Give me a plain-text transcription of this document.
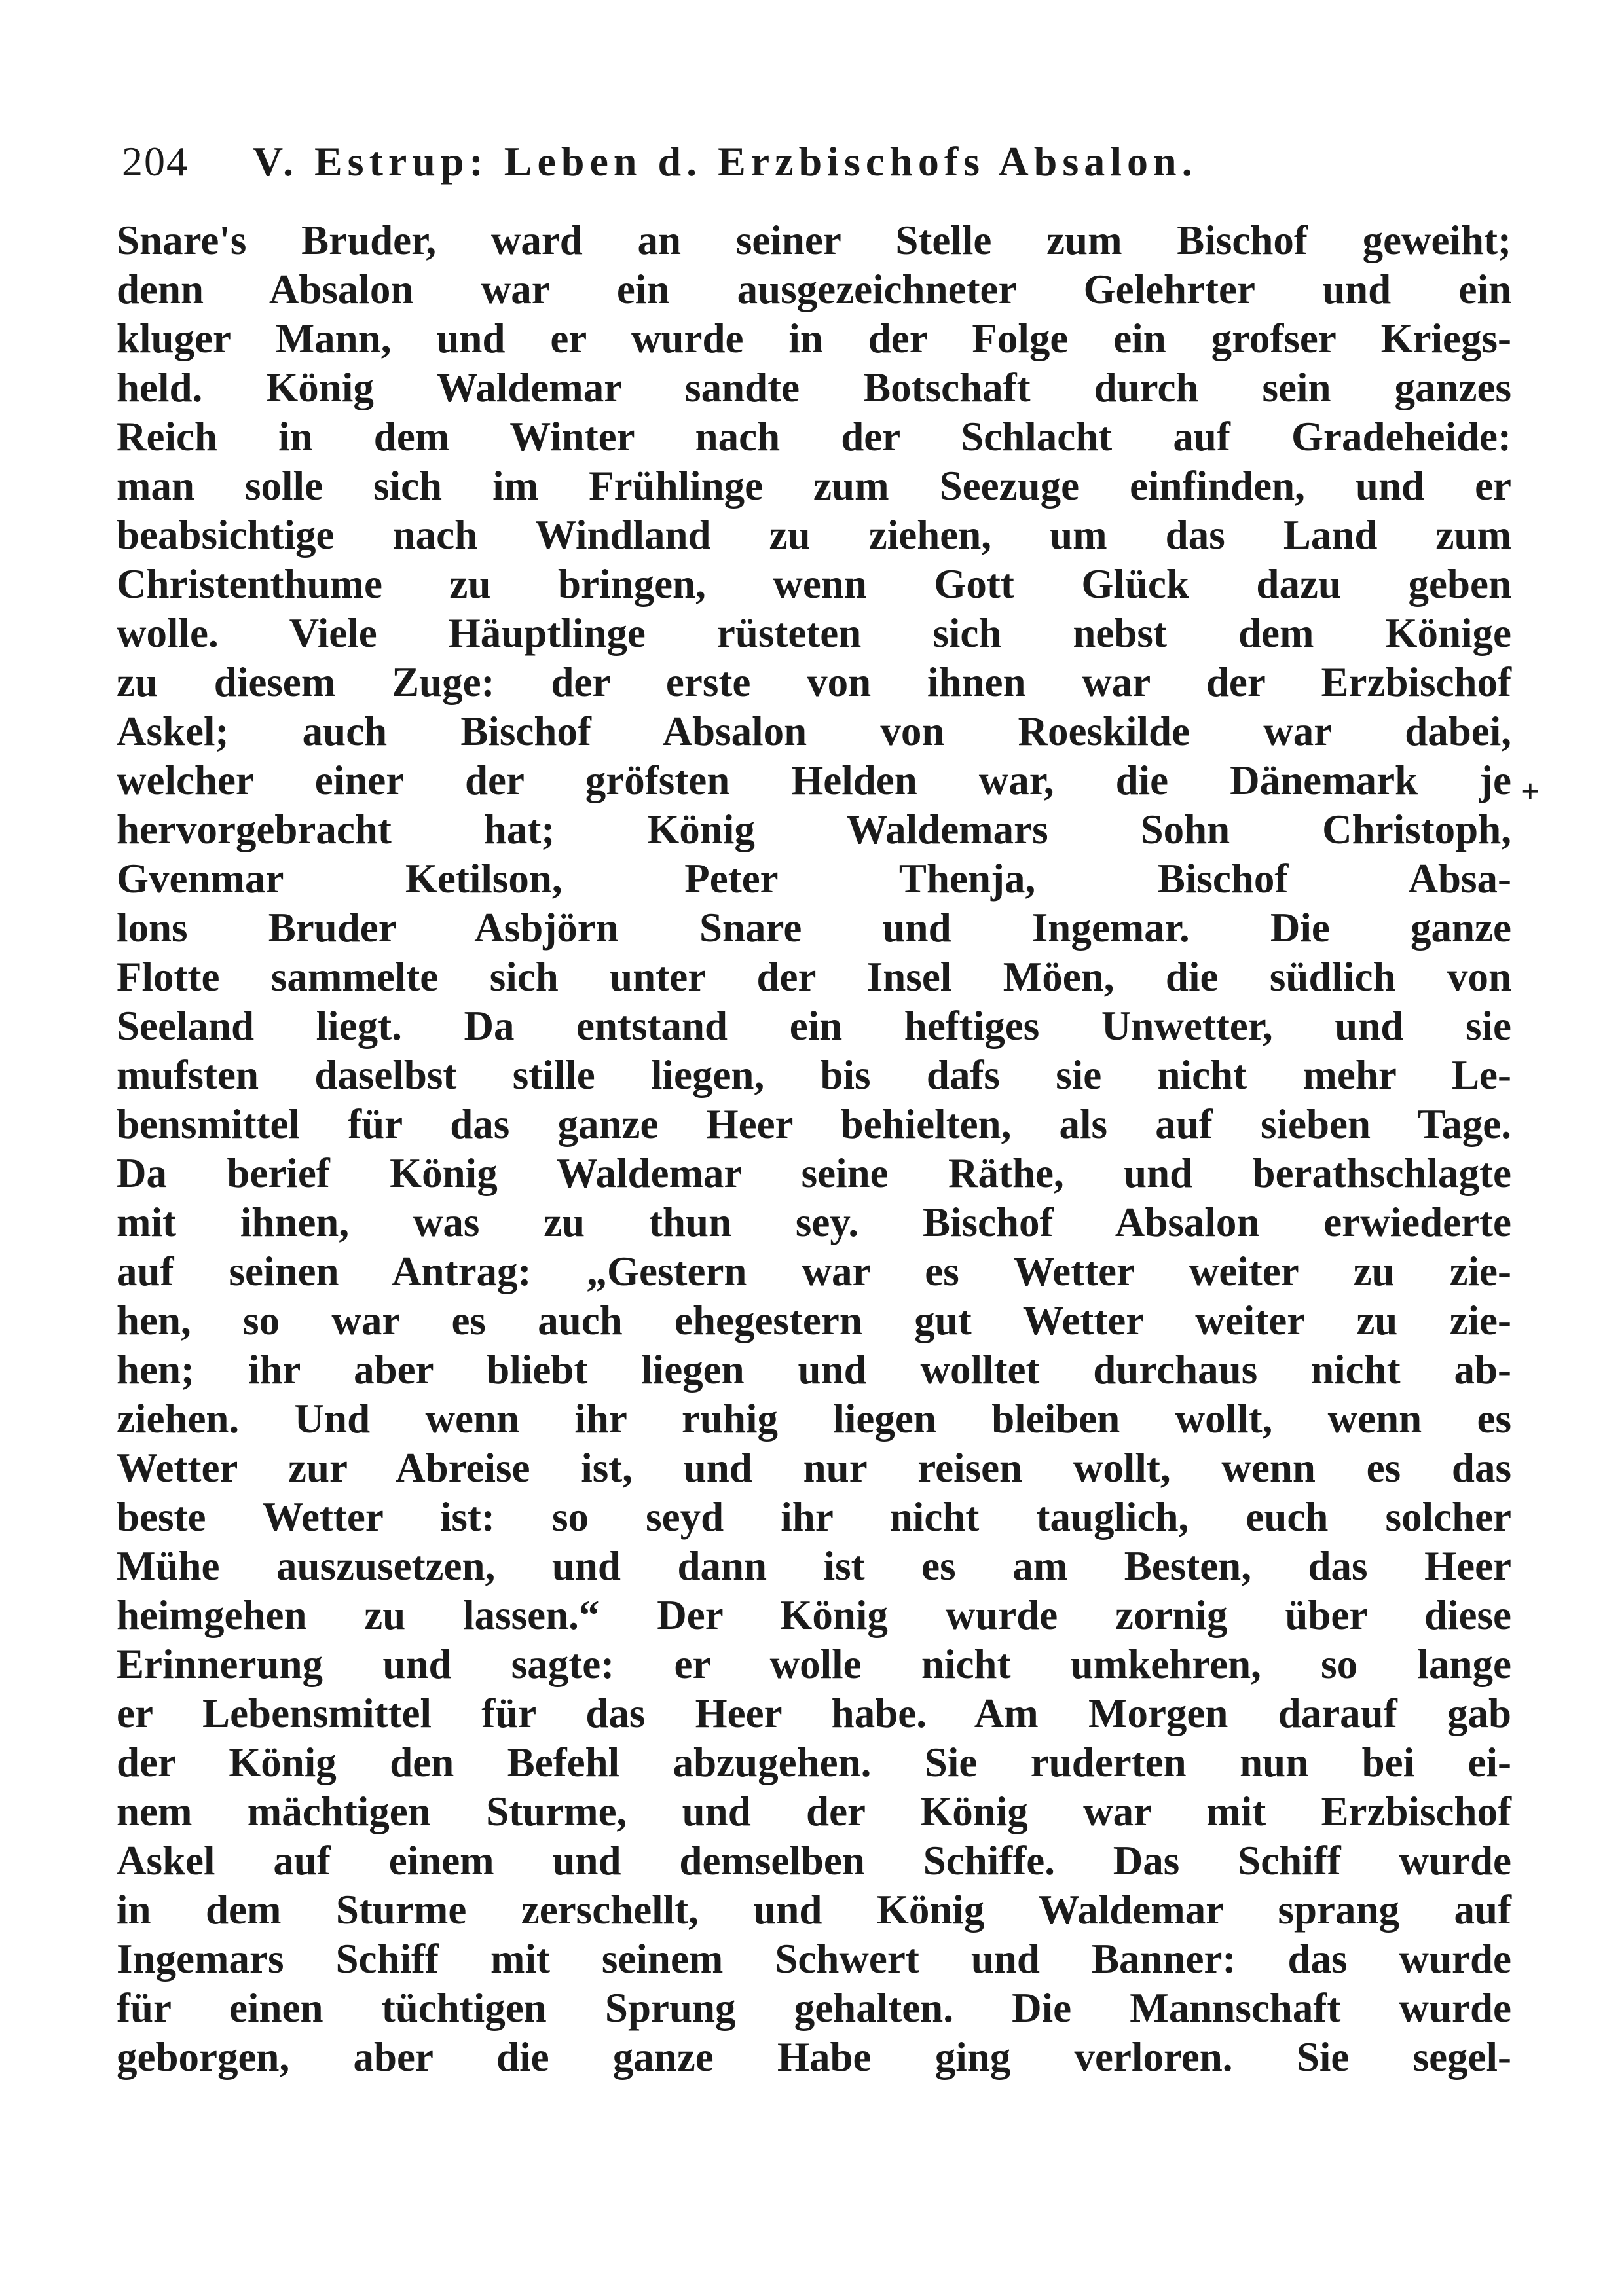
204 V. Estrup: Leben d. Erzbischofs Absalon.
Snare's Bruder, ward an seiner Stelle zum Bischof geweiht;
denn Absalon war ein ausgezeichneter Gelehrter und ein
kluger Mann, und er wurde in der Folge ein grofser Kriegs-
held. König Waldemar sandte Botschaft durch sein ganzes
Reich in dem Winter nach der Schlacht auf Gradeheide:
man solle sich im Frühlinge zum Seezuge einfinden, und er
beabsichtige nach Windland zu ziehen, um das Land zum
Christenthume zu bringen, wenn Gott Glück dazu geben
wolle. Viele Häuptlinge rüsteten sich nebst dem Könige
zu diesem Zuge: der erste von ihnen war der Erzbischof
Askel; auch Bischof Absalon von Roeskilde war dabei,
welcher einer der gröfsten Helden war, die Dänemark je
hervorgebracht hat; König Waldemars Sohn Christoph,
Gvenmar Ketilson, Peter Thenja, Bischof Absa-
lons Bruder Asbjörn Snare und Ingemar. Die ganze
Flotte sammelte sich unter der Insel Möen, die südlich von
Seeland liegt. Da entstand ein heftiges Unwetter, und sie
mufsten daselbst stille liegen, bis dafs sie nicht mehr Le-
bensmittel für das ganze Heer behielten, als auf sieben Tage.
Da berief König Waldemar seine Räthe, und berathschlagte
mit ihnen, was zu thun sey. Bischof Absalon erwiederte
auf seinen Antrag: „Gestern war es Wetter weiter zu zie-
hen, so war es auch ehegestern gut Wetter weiter zu zie-
hen; ihr aber bliebt liegen und wolltet durchaus nicht ab-
ziehen. Und wenn ihr ruhig liegen bleiben wollt, wenn es
Wetter zur Abreise ist, und nur reisen wollt, wenn es das
beste Wetter ist: so seyd ihr nicht tauglich, euch solcher
Mühe auszusetzen, und dann ist es am Besten, das Heer
heimgehen zu lassen.“ Der König wurde zornig über diese
Erinnerung und sagte: er wolle nicht umkehren, so lange
er Lebensmittel für das Heer habe. Am Morgen darauf gab
der König den Befehl abzugehen. Sie ruderten nun bei ei-
nem mächtigen Sturme, und der König war mit Erzbischof
Askel auf einem und demselben Schiffe. Das Schiff wurde
in dem Sturme zerschellt, und König Waldemar sprang auf
Ingemars Schiff mit seinem Schwert und Banner: das wurde
für einen tüchtigen Sprung gehalten. Die Mannschaft wurde
geborgen, aber die ganze Habe ging verloren. Sie segel-
+
